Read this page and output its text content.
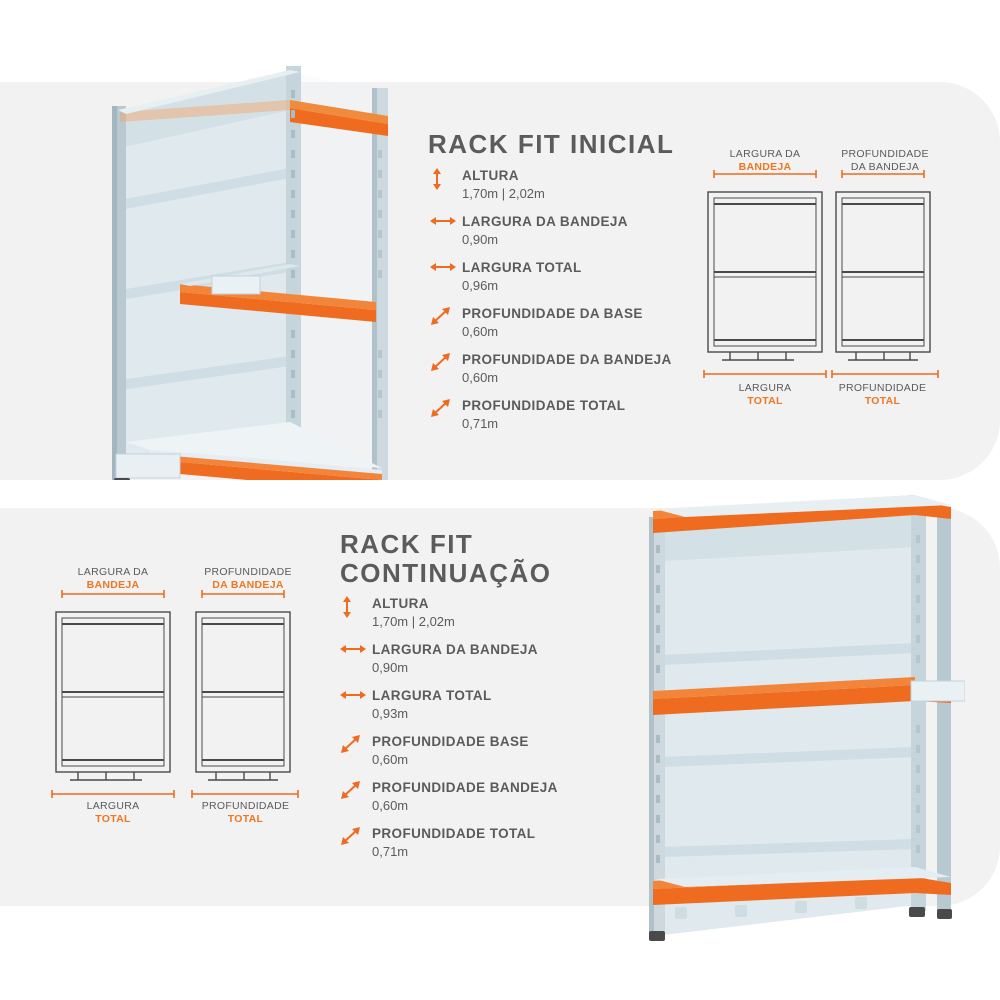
RACK FIT INICIAL
ALTURA
1,70m | 2,02m
LARGURA DA BANDEJA
0,90m
LARGURA TOTAL
0,96m
PROFUNDIDADE DA BASE
0,60m
PROFUNDIDADE DA BANDEJA
0,60m
PROFUNDIDADE TOTAL
0,71m
LARGURA DA
BANDEJA
LARGURA
TOTAL
PROFUNDIDADE
DA BANDEJA
PROFUNDIDADE
TOTAL
LARGURA DA
BANDEJA
LARGURA
TOTAL
PROFUNDIDADE
DA BANDEJA
PROFUNDIDADE
TOTAL
RACK FIT
CONTINUAÇÃO
ALTURA
1,70m | 2,02m
LARGURA DA BANDEJA
0,90m
LARGURA TOTAL
0,93m
PROFUNDIDADE BASE
0,60m
PROFUNDIDADE BANDEJA
0,60m
PROFUNDIDADE TOTAL
0,71m
